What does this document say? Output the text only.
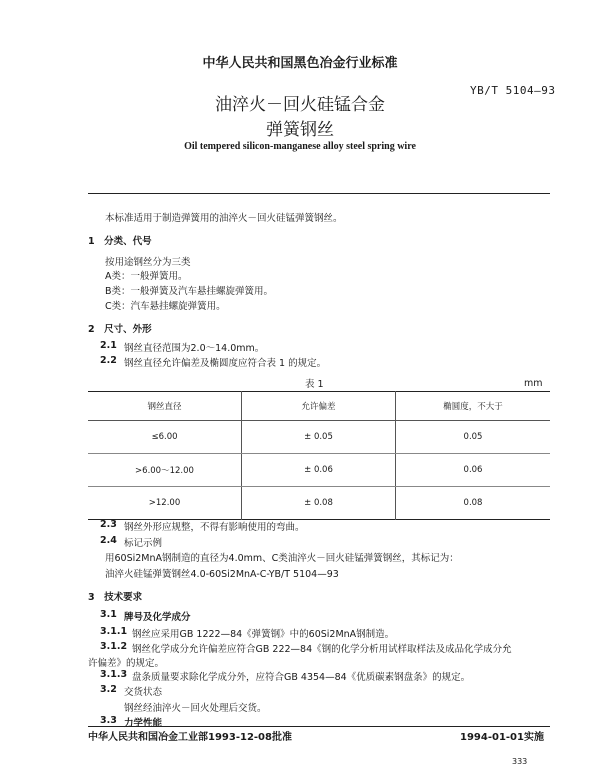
中华人民共和国黑色冶金行业标准
YB/T 5104—93
油淬火－回火硅锰合金
弹簧钢丝
Oil tempered silicon-manganese alloy steel spring wire
本标准适用于制造弹簧用的油淬火－回火硅锰弹簧钢丝。
1　分类、代号
按用途钢丝分为三类
A类：一般弹簧用。
B类：一般弹簧及汽车悬挂螺旋弹簧用。
C类：汽车悬挂螺旋弹簧用。
2　尺寸、外形
2.1 钢丝直径范围为2.0～14.0mm。
2.2 钢丝直径允许偏差及椭圆度应符合表 1 的规定。
表 1	mm
钢丝直径	允许偏差	椭圆度，不大于
≤6.00	± 0.05	0.05
>6.00～12.00	± 0.06	0.06
>12.00	± 0.08	0.08
2.3 钢丝外形应规整，不得有影响使用的弯曲。
2.4 标记示例
用60Si2MnA钢制造的直径为4.0mm、C类油淬火－回火硅锰弹簧钢丝，其标记为：
油淬火硅锰弹簧钢丝4.0-60Si2MnA-C-YB/T 5104—93
3　技术要求
3.1 牌号及化学成分
3.1.1 钢丝应采用GB 1222—84《弹簧钢》中的60Si2MnA钢制造。
3.1.2 钢丝化学成分允许偏差应符合GB 222—84《钢的化学分析用试样取样法及成品化学成分允
许偏差》的规定。
3.1.3 盘条质量要求除化学成分外，应符合GB 4354—84《优质碳素钢盘条》的规定。
3.2 交货状态
钢丝经油淬火－回火处理后交货。
3.3 力学性能
中华人民共和国冶金工业部1993-12-08批准	1994-01-01实施
333
